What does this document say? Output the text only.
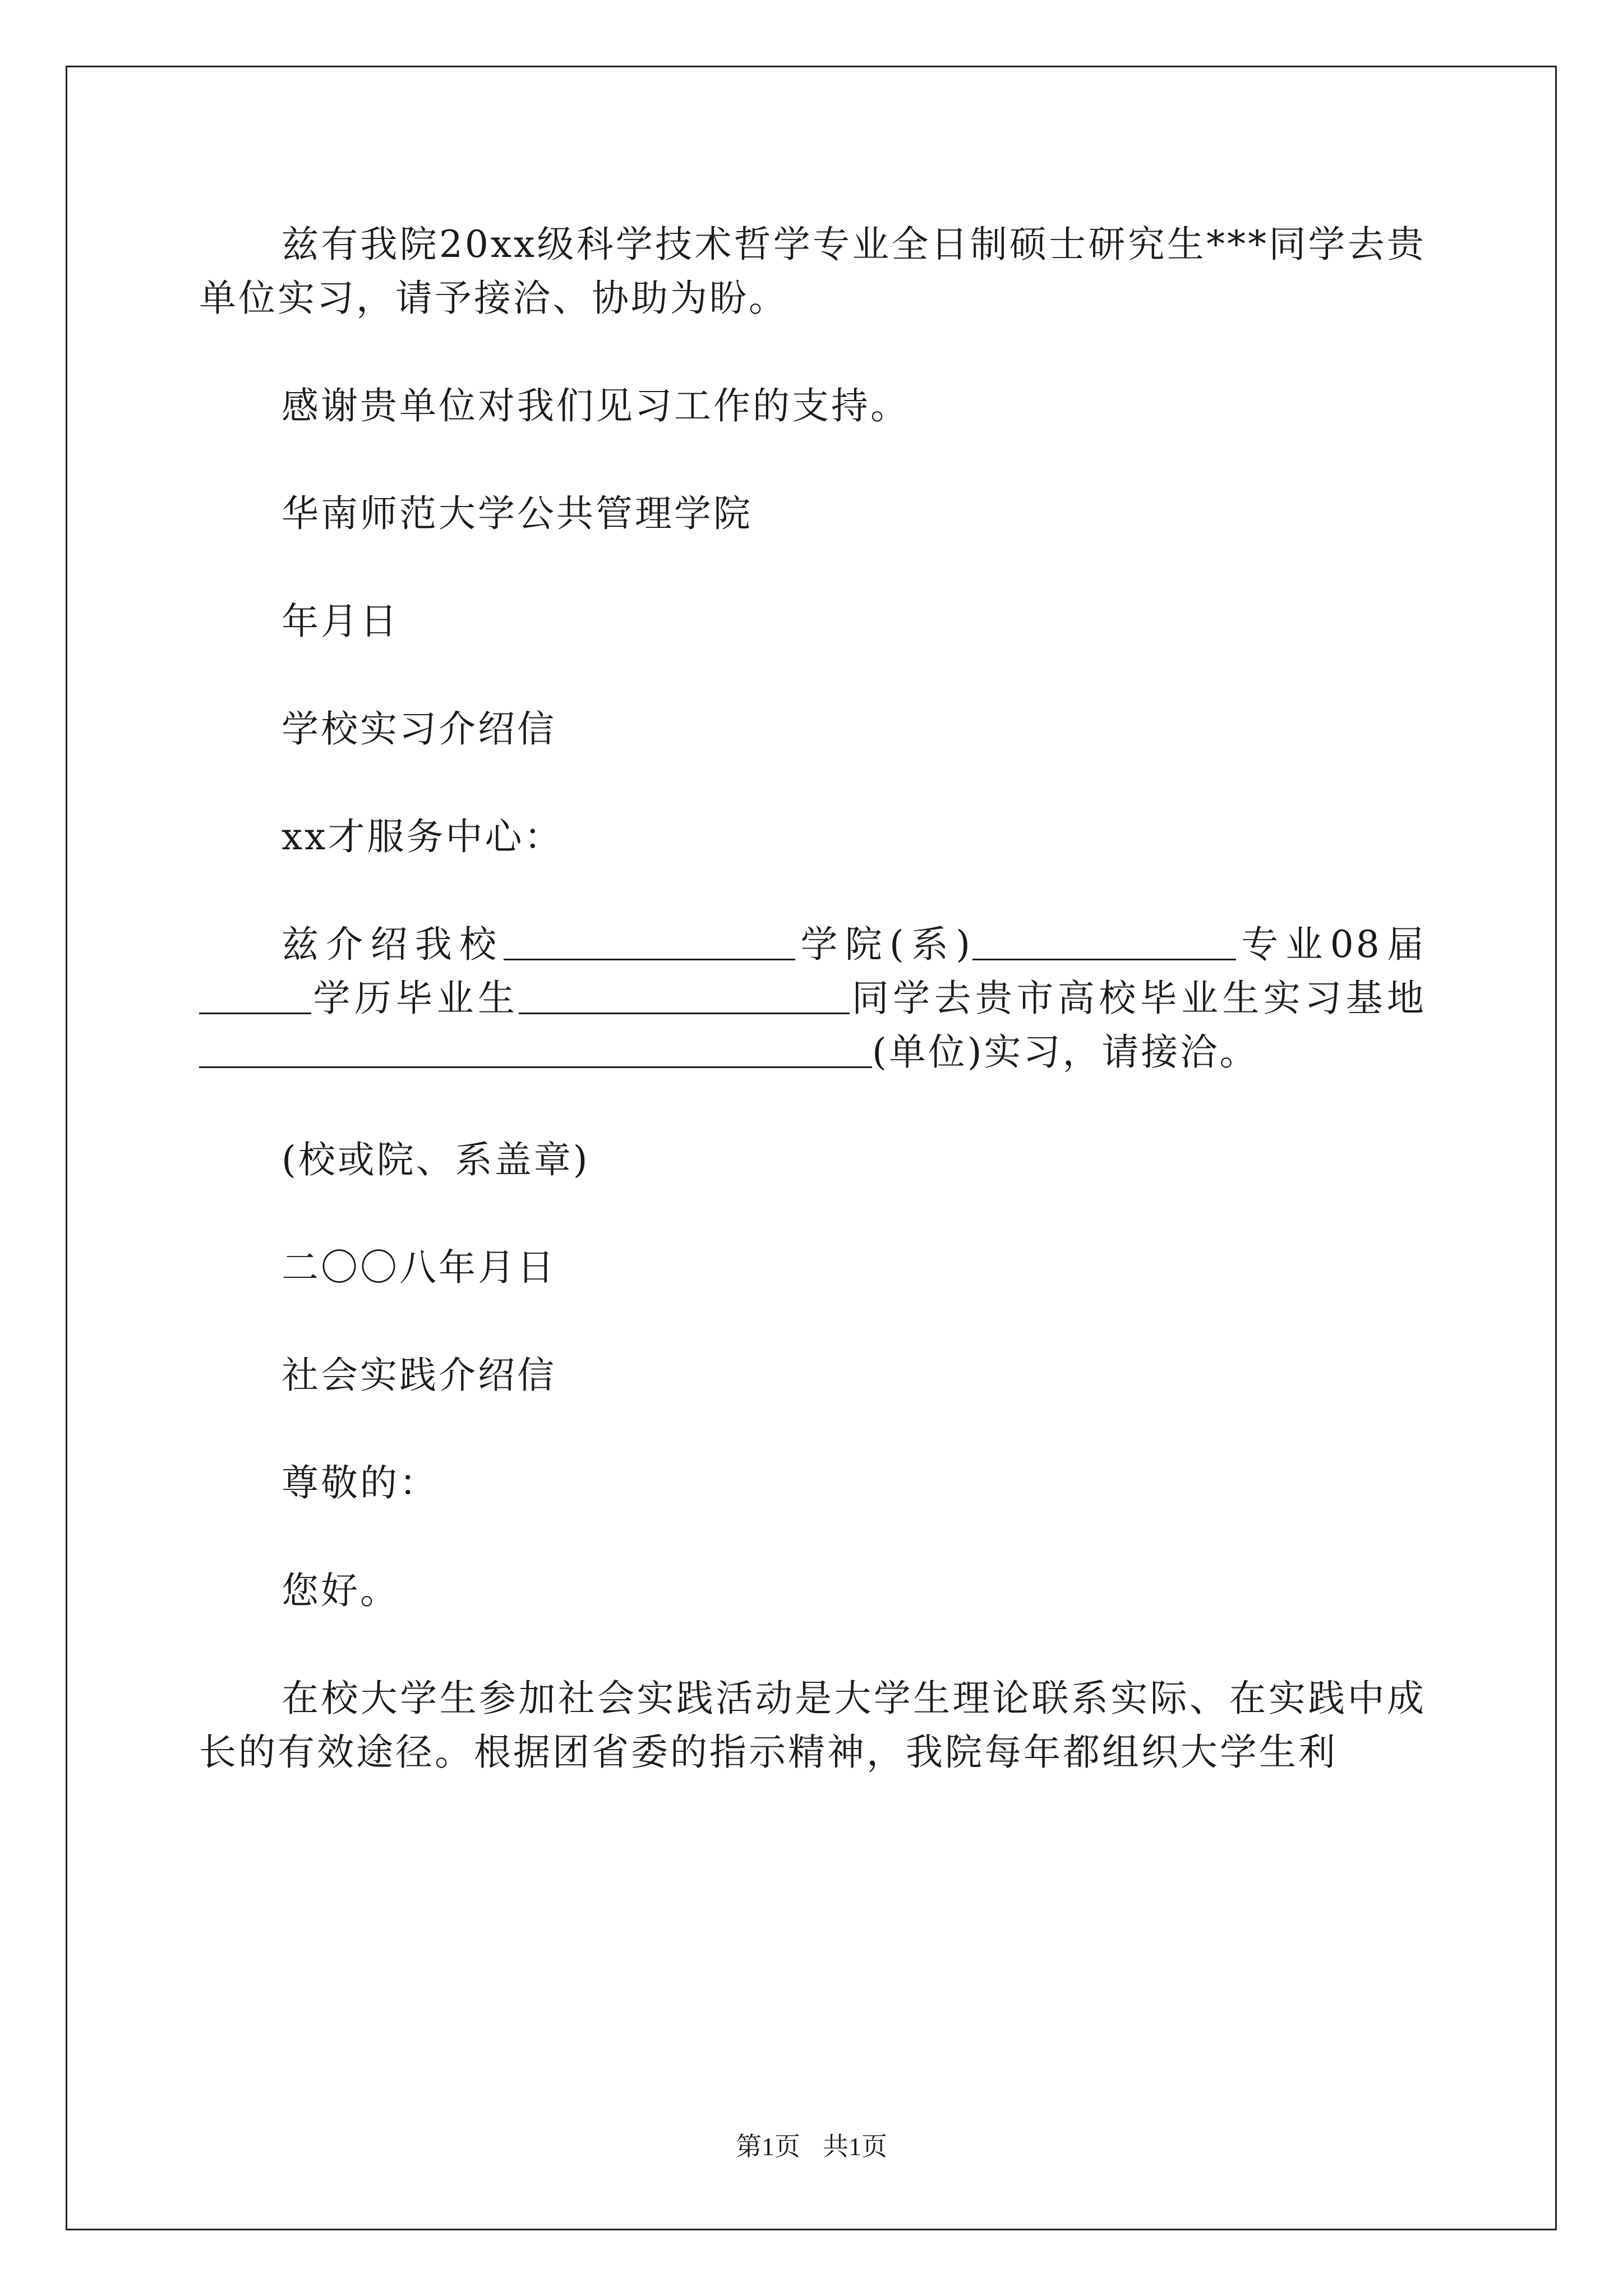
兹有我院20xx级科学技术哲学专业全日制硕士研究生***同学去贵单位实习，请予接洽、协助为盼。

感谢贵单位对我们见习工作的支持。

华南师范大学公共管理学院

年月日

学校实习介绍信

xx才服务中心：

兹介绍我校	学院(系)	专业08届学历毕业生	同学去贵市高校毕业生实习基地(单位)实习，请接洽。

(校或院、系盖章)

二〇〇八年月日

社会实践介绍信

尊敬的：

您好。

在校大学生参加社会实践活动是大学生理论联系实际、在实践中成长的有效途径。根据团省委的指示精神，我院每年都组织大学生利

第1页 共1页
